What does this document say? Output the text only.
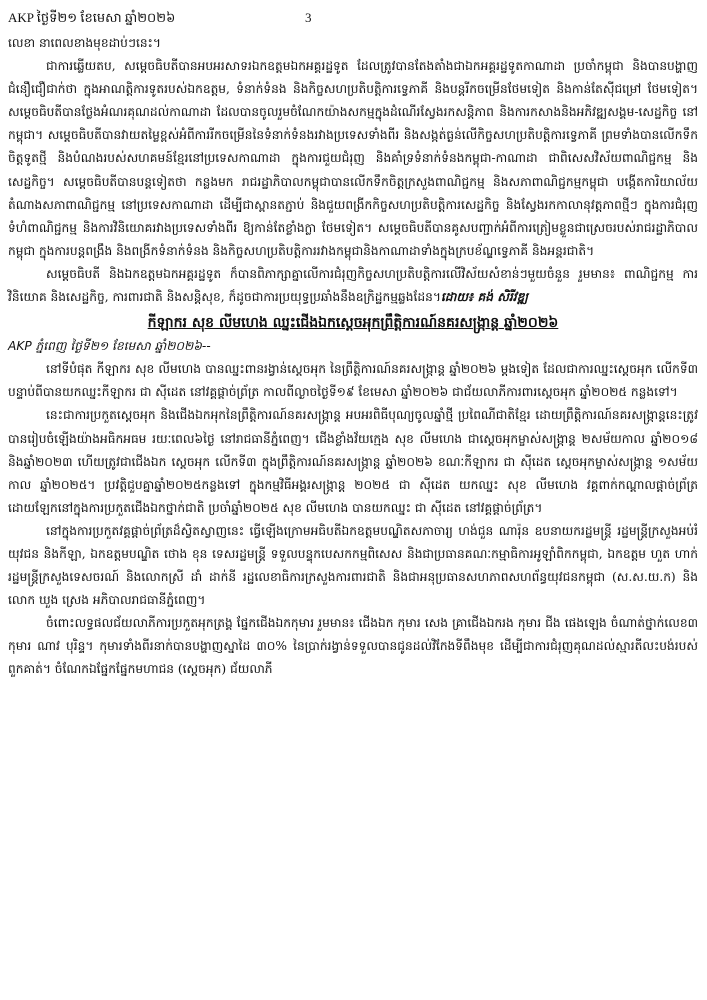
AKP ថ្ងៃទី២១ ខែមេសា ឆ្នាំ២០២៦	3

លេខា នាពេលខាងមុខដាប់ៗនេះ។

ជាការឆ្លើយតប, សម្តេចធិបតីបានអបអរសាទរឯកឧត្តមឯកអគ្គរដ្ឋទូត ដែលត្រូវបានតែងតាំងជាឯកអគ្គរដ្ឋទូតកាណាដា ប្រចាំកម្ពុជា និងបានបង្ហាញជំនឿជឿជាក់ថា ក្នុងអាណត្តិការទូតរបស់ឯកឧត្តម, ទំនាក់ទំនង និងកិច្ចសហប្រតិបត្តិការទ្វេភាគី និងបន្តរីកចម្រើនថែមទៀត និងកាន់តែស៊ីជម្រៅ ថែមទៀត។ សម្តេចធិបតីបានថ្លែងអំណរគុណដល់កាណាដា ដែលបានចូលរួមចំណែកយ៉ាងសកម្មក្នុងដំណើរស្វែងរកសន្តិភាព និងការកសាងនិងអភិវឌ្ឍសង្គម-សេដ្ឋកិច្ច នៅកម្ពុជា។ សម្តេចធិបតីបានវាយតម្លៃខ្ពស់អំពីការរីកចម្រើននៃទំនាក់ទំនងរវាងប្រទេសទាំងពីរ និងសង្កត់ធ្ងន់លើកិច្ចសហប្រតិបត្តិការទ្វេភាគី ព្រមទាំងបានលើកទឹកចិត្តទូតថ្មី និងបំណងរបស់សហគមន៍ខ្មែរនៅប្រទេសកាណាដា ក្នុងការជួយជំរុញ និងគាំទ្រទំនាក់ទំនងកម្ពុជា-កាណាដា ជាពិសេសវិស័យពាណិជ្ជកម្ម និងសេដ្ឋកិច្ច។ សម្តេចធិបតីបានបន្តទៀតថា កន្លងមក រាជរដ្ឋាភិបាលកម្ពុជាបានលើកទឹកចិត្តក្រសួងពាណិជ្ជកម្ម និងសភាពាណិជ្ជកម្មកម្ពុជា បង្កើតការិយាល័យតំណាងសភាពាណិជ្ជកម្ម នៅប្រទេសកាណាដា ដើម្បីជាស្ពានតភ្ជាប់ និងជួយពង្រីកកិច្ចសហប្រតិបត្តិការសេដ្ឋកិច្ច និងស្វែងរកកាលានុវត្តភាពថ្មីៗ ក្នុងការជំរុញទំហំពាណិជ្ជកម្ម និងការវិនិយោគរវាងប្រទេសទាំងពីរ ឱ្យកាន់តែខ្លាំងក្លា ថែមទៀត។ សម្តេចធិបតីបានគូសបញ្ជាក់អំពីការត្រៀមខ្លួនជាស្រេចរបស់រាជរដ្ឋាភិបាលកម្ពុជា ក្នុងការបន្តពង្រឹង និងពង្រីកទំនាក់ទំនង និងកិច្ចសហប្រតិបត្តិការរវាងកម្ពុជានិងកាណាដាទាំងក្នុងក្របខ័ណ្ឌទ្វេភាគី និងអន្តរជាតិ។

សម្តេចធិបតី និងឯកឧត្តមឯកអគ្គរដ្ឋទូត ក៏បានពិភាក្សាគ្នាលើការជំរុញកិច្ចសហប្រតិបត្តិការលើវិស័យសំខាន់ៗមួយចំនួន រួមមាន៖ ពាណិជ្ជកម្ម ការវិនិយោគ និងសេដ្ឋកិច្ច, ការពារជាតិ និងសន្តិសុខ, ក៏ដូចជាការប្រយុទ្ធប្រឆាំងនឹងឧក្រិដ្ឋកម្មឆ្លងដែន។ដោយ៖ គង់ សិរីវឌ្ឍ

កីឡាករ សុខ លីមហេង ឈ្នះជើងឯកស្តេចអុកព្រឹត្តិការណ៍នគរសង្ក្រាន្ត ឆ្នាំ២០២៦

AKP ភ្នំពេញ ថ្ងៃទី២១ ខែមេសា ឆ្នាំ២០២៦--

នៅទីបំផុត កីឡាករ សុខ លីមហេង បានឈ្នះពានរង្វាន់ស្តេចអុក នៃព្រឹត្តិការណ៍នគរសង្ក្រាន្ត ឆ្នាំ២០២៦ ម្តងទៀត ដែលជាការឈ្នះស្តេចអុក លើកទី៣ បន្ទាប់ពីបានយកឈ្នះកីឡាករ ជា ស៊ីដេត នៅវគ្គផ្តាច់ព្រ័ត្រ កាលពីល្ងាចថ្ងៃទី១៩ ខែមេសា ឆ្នាំ២០២៦ ជាជ័យលាភីការពារស្តេចអុក ឆ្នាំ២០២៥ កន្លងទៅ។

នេះជាការប្រកួតស្តេចអុក និងជើងឯកអុកនៃព្រឹត្តិការណ៍នគរសង្ក្រាន្ត អបអរពិធីបុណ្យចូលឆ្នាំថ្មី ប្រពៃណីជាតិខ្មែរ ដោយព្រឹត្តិការណ៍នគរសង្ក្រាន្តនេះត្រូវបានរៀបចំឡើងយ៉ាងអធិកអធម រយៈពេល៦ថ្ងៃ នៅរាជធានីភ្នំពេញ។ ជើងខ្លាំងវ័យក្មេង សុខ លីមហេង ជាស្តេចអុកម្ចាស់សង្ក្រាន្ត ២សម័យកាល ឆ្នាំ២០១៨ និងឆ្នាំ២០២៣ ហើយត្រូវជាជើងឯក ស្តេចអុក លើកទី៣ ក្នុងព្រឹត្តិការណ៍នគរសង្ក្រាន្ត ឆ្នាំ២០២៦ ខណៈកីឡាករ ជា ស៊ីដេត ស្តេចអុកម្ចាស់សង្ក្រាន្ត ១សម័យកាល ឆ្នាំ២០២៥។ ប្រវត្តិជួបគ្នាឆ្នាំ២០២៥កន្លងទៅ ក្នុងកម្មវិធីអង្គរសង្ក្រាន្ត ២០២៥ ជា ស៊ីដេត យកឈ្នះ សុខ លីមហេង វគ្គពាក់កណ្តាលផ្តាច់ព្រ័ត្រ ដោយឡែកនៅក្នុងការប្រកួតជើងឯកថ្នាក់ជាតិ ប្រចាំឆ្នាំ២០២៥ សុខ លីមហេង បានយកឈ្នះ ជា ស៊ីដេត នៅវគ្គផ្តាច់ព្រ័ត្រ។

នៅក្នុងការប្រកួតវគ្គផ្តាច់ព្រ័ត្រដ៏ស្វិតស្វាញនេះ ធ្វើឡើងក្រោមអធិបតីឯកឧត្តមបណ្ឌិតសភាចារ្យ ហង់ជួន ណារ៉ុន ឧបនាយករដ្ឋមន្ត្រី រដ្ឋមន្ត្រីក្រសួងអប់រំ យុវជន និងកីឡា, ឯកឧត្តមបណ្ឌិត ថោង ខុន ទេសរដ្ឋមន្ត្រី ទទួលបន្ទុកបេសកកម្មពិសេស និងជាប្រធានគណៈកម្មាធិការអូឡាំពិកកម្ពុជា, ឯកឧត្តម ហួត ហាក់ រដ្ឋមន្ត្រីក្រសួងទេសចរណ៍ និងលោកស្រី ដាំ ដាក់នី រដ្ឋលេខាធិការក្រសួងការពារជាតិ និងជាអនុប្រធានសហភាពសហព័ន្ធយុវជនកម្ពុជា (ស.ស.យ.ក) និងលោក ឃួង ស្រេង អភិបាលរាជធានីភ្នំពេញ។

ចំពោះលទ្ធផលជ័យលាភីការប្រកួតអុកត្រង្គ ផ្នែកជើងឯកកុមារ រួមមាន៖ ជើងឯក កុមារ សេង គ្រាជើងឯករង កុមារ ជីង ផេងឡេង ចំណាត់ថ្នាក់លេខ៣ កុមារ ណាវ បុរិន្ទ។ កុមារទាំងពីរនាក់បានបង្ហាញស្នាដៃ ៣០% នៃប្រាក់រង្វាន់ទទួលបានជូនដល់វិកែងទីពឹងមុខ ដើម្បីជាការជំរុញគុណដល់ស្មារតីលះបង់របស់ពួកគាត់។ ចំណែកឯផ្នែកផ្នែកមហាជន (ស្តេចអុក) ជ័យលាភី
